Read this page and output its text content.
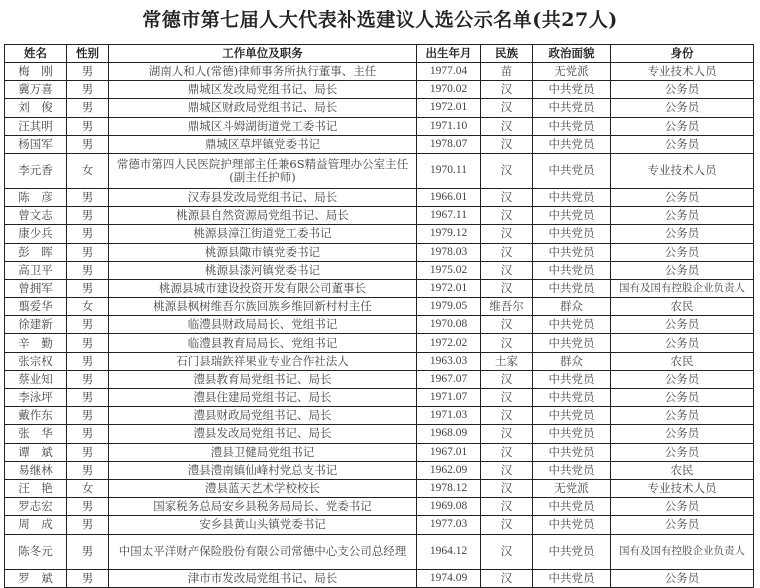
常德市第七届人大代表补选建议人选公示名单(共27人)
姓名	性别	工作单位及职务	出生年月	民族	政治面貌	身份
梅　刚	男	湖南人和人(常德)律师事务所执行董事、主任	1977.04	苗	无党派	专业技术人员
冀万喜	男	鼎城区发改局党组书记、局长	1970.02	汉	中共党员	公务员
刘　俊	男	鼎城区财政局党组书记、局长	1972.01	汉	中共党员	公务员
汪其明	男	鼎城区斗姆湖街道党工委书记	1971.10	汉	中共党员	公务员
杨国军	男	鼎城区草坪镇党委书记	1978.07	汉	中共党员	公务员
李元香	女	常德市第四人民医院护理部主任兼6S精益管理办公室主任(副主任护师)	1970.11	汉	中共党员	专业技术人员
陈　彦	男	汉寿县发改局党组书记、局长	1966.01	汉	中共党员	公务员
曾文志	男	桃源县自然资源局党组书记、局长	1967.11	汉	中共党员	公务员
康少兵	男	桃源县漳江街道党工委书记	1979.12	汉	中共党员	公务员
彭　晖	男	桃源县陬市镇党委书记	1978.03	汉	中共党员	公务员
高卫平	男	桃源县漆河镇党委书记	1975.02	汉	中共党员	公务员
曾拥军	男	桃源县城市建设投资开发有限公司董事长	1972.01	汉	中共党员	国有及国有控股企业负责人
翦爱华	女	桃源县枫树维吾尔族回族乡维回新村村主任	1979.05	维吾尔	群众	农民
徐建新	男	临澧县财政局局长、党组书记	1970.08	汉	中共党员	公务员
辛　勤	男	临澧县教育局局长、党组书记	1972.02	汉	中共党员	公务员
张宗权	男	石门县瑞鉃祥果业专业合作社法人	1963.03	土家	群众	农民
蔡业知	男	澧县教育局党组书记、局长	1967.07	汉	中共党员	公务员
李泳坪	男	澧县住建局党组书记、局长	1971.07	汉	中共党员	公务员
戴作东	男	澧县财政局党组书记、局长	1971.03	汉	中共党员	公务员
张　华	男	澧县发改局党组书记、局长	1968.09	汉	中共党员	公务员
谭　斌	男	澧县卫健局党组书记	1967.01	汉	中共党员	公务员
易继林	男	澧县澧南镇仙峰村党总支书记	1962.09	汉	中共党员	农民
汪　艳	女	澧县蓝天艺术学校校长	1978.12	汉	无党派	专业技术人员
罗志宏	男	国家税务总局安乡县税务局局长、党委书记	1969.08	汉	中共党员	公务员
周　成	男	安乡县黄山头镇党委书记	1977.03	汉	中共党员	公务员
陈冬元	男	中国太平洋财产保险股份有限公司常德中心支公司总经理	1964.12	汉	中共党员	国有及国有控股企业负责人
罗　斌	男	津市市发改局党组书记、局长	1974.09	汉	中共党员	公务员
